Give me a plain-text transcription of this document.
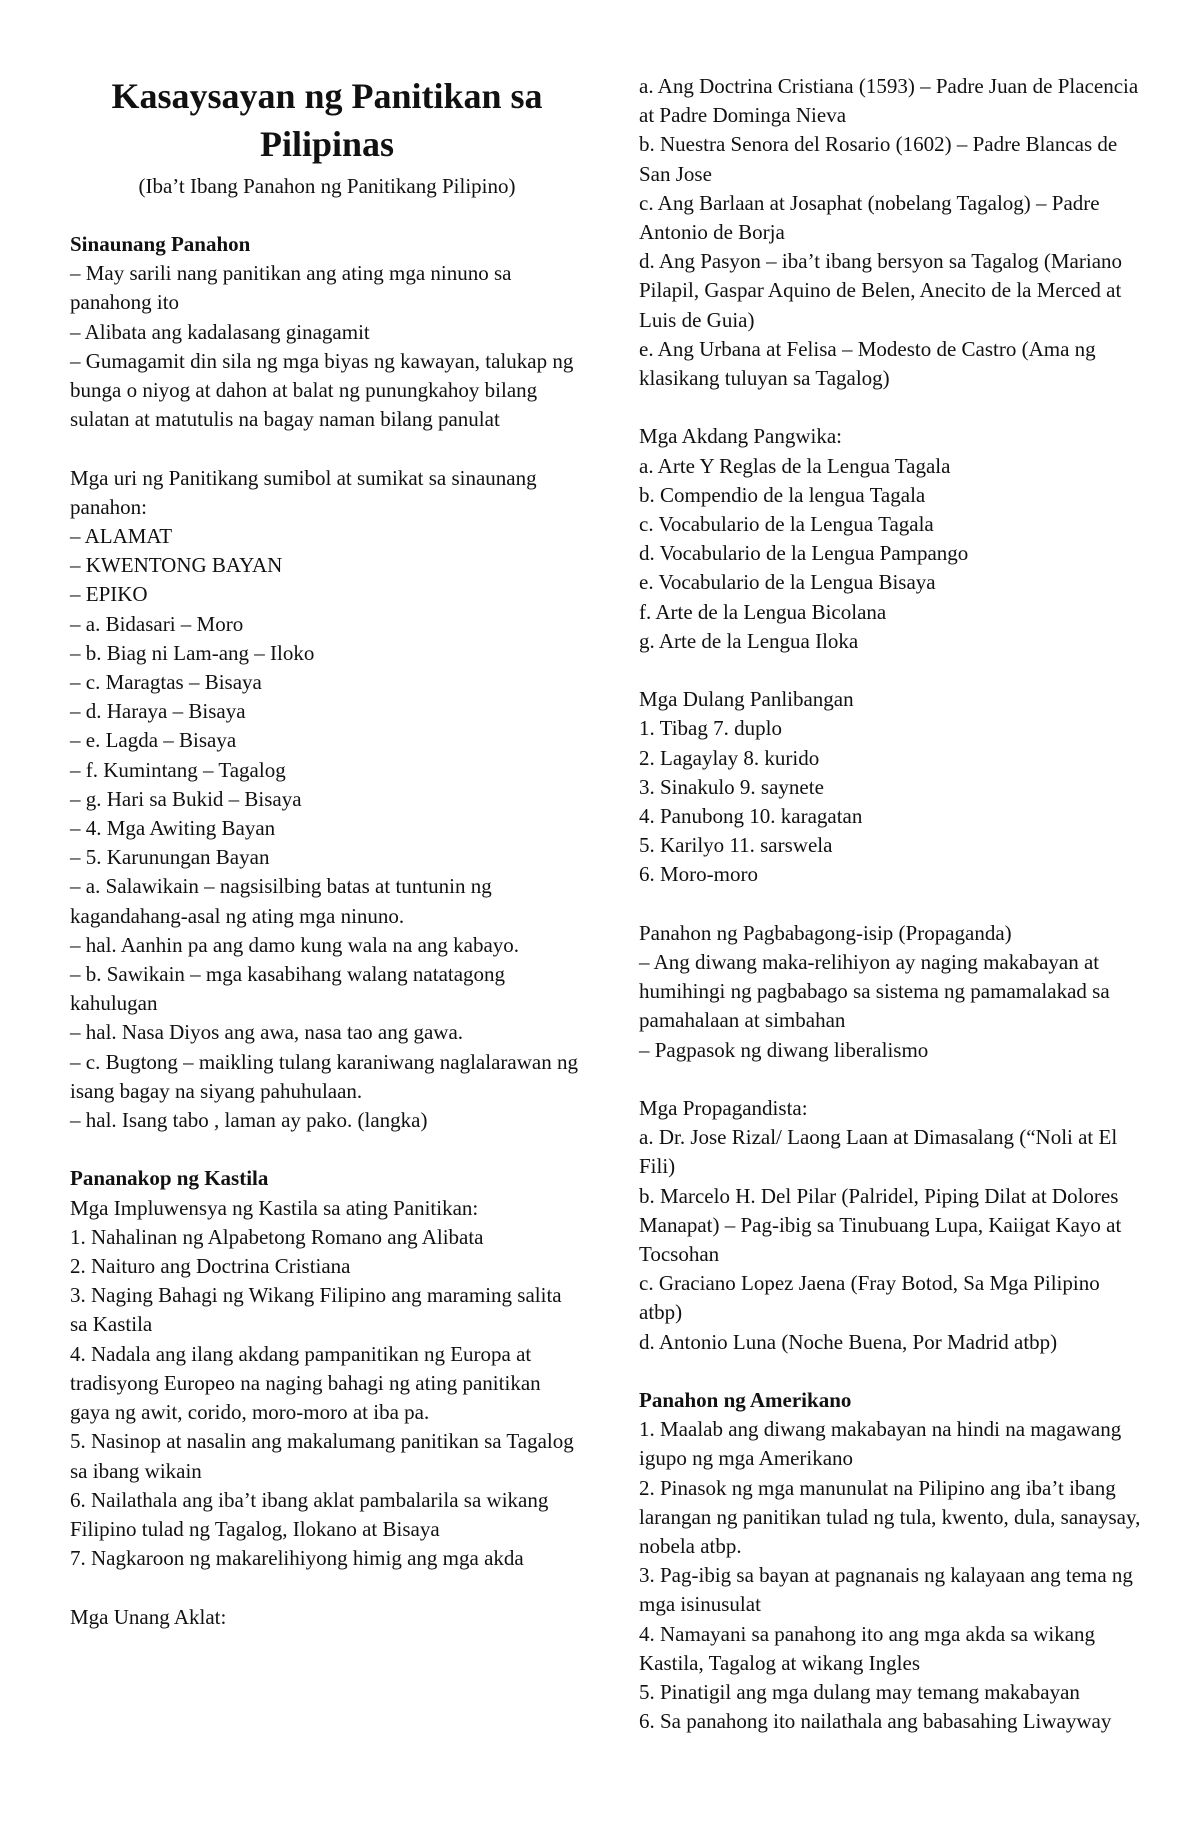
Kasaysayan ng Panitikan sa Pilipinas
(Iba’t Ibang Panahon ng Panitikang Pilipino)
Sinaunang Panahon
– May sarili nang panitikan ang ating mga ninuno sa panahong ito
– Alibata ang kadalasang ginagamit
– Gumagamit din sila ng mga biyas ng kawayan, talukap ng bunga o niyog at dahon at balat ng punungkahoy bilang sulatan at matutulis na bagay naman bilang panulat
Mga uri ng Panitikang sumibol at sumikat sa sinaunang panahon:
– ALAMAT
– KWENTONG BAYAN
– EPIKO
– a. Bidasari – Moro
– b. Biag ni Lam-ang – Iloko
– c. Maragtas – Bisaya
– d. Haraya – Bisaya
– e. Lagda – Bisaya
– f. Kumintang – Tagalog
– g. Hari sa Bukid – Bisaya
– 4. Mga Awiting Bayan
– 5. Karunungan Bayan
– a. Salawikain – nagsisilbing batas at tuntunin ng kagandahang-asal ng ating mga ninuno.
– hal. Aanhin pa ang damo kung wala na ang kabayo.
– b. Sawikain – mga kasabihang walang natatagong kahulugan
– hal. Nasa Diyos ang awa, nasa tao ang gawa.
– c. Bugtong – maikling tulang karaniwang naglalarawan ng isang bagay na siyang pahuhulaan.
– hal. Isang tabo , laman ay pako. (langka)
Pananakop ng Kastila
Mga Impluwensya ng Kastila sa ating Panitikan:
1. Nahalinan ng Alpabetong Romano ang Alibata
2. Naituro ang Doctrina Cristiana
3. Naging Bahagi ng Wikang Filipino ang maraming salita sa Kastila
4. Nadala ang ilang akdang pampanitikan ng Europa at tradisyong Europeo na naging bahagi ng ating panitikan gaya ng awit, corido, moro-moro at iba pa.
5. Nasinop at nasalin ang makalumang panitikan sa Tagalog sa ibang wikain
6. Nailathala ang iba’t ibang aklat pambalarila sa wikang Filipino tulad ng Tagalog, Ilokano at Bisaya
7. Nagkaroon ng makarelihiyong himig ang mga akda
Mga Unang Aklat:
a. Ang Doctrina Cristiana (1593) – Padre Juan de Placencia at Padre Dominga Nieva
b. Nuestra Senora del Rosario (1602) – Padre Blancas de San Jose
c. Ang Barlaan at Josaphat (nobelang Tagalog) – Padre Antonio de Borja
d. Ang Pasyon – iba’t ibang bersyon sa Tagalog (Mariano Pilapil, Gaspar Aquino de Belen, Anecito de la Merced at Luis de Guia)
e. Ang Urbana at Felisa – Modesto de Castro (Ama ng klasikang tuluyan sa Tagalog)
Mga Akdang Pangwika:
a. Arte Y Reglas de la Lengua Tagala
b. Compendio de la lengua Tagala
c. Vocabulario de la Lengua Tagala
d. Vocabulario de la Lengua Pampango
e. Vocabulario de la Lengua Bisaya
f. Arte de la Lengua Bicolana
g. Arte de la Lengua Iloka
Mga Dulang Panlibangan
1. Tibag 7. duplo
2. Lagaylay 8. kurido
3. Sinakulo 9. saynete
4. Panubong 10. karagatan
5. Karilyo 11. sarswela
6. Moro-moro
Panahon ng Pagbabagong-isip (Propaganda)
– Ang diwang maka-relihiyon ay naging makabayan at humihingi ng pagbabago sa sistema ng pamamalakad sa pamahalaan at simbahan
– Pagpasok ng diwang liberalismo
Mga Propagandista:
a. Dr. Jose Rizal/ Laong Laan at Dimasalang (“Noli at El Fili)
b. Marcelo H. Del Pilar (Palridel, Piping Dilat at Dolores Manapat) – Pag-ibig sa Tinubuang Lupa, Kaiigat Kayo at Tocsohan
c. Graciano Lopez Jaena (Fray Botod, Sa Mga Pilipino atbp)
d. Antonio Luna (Noche Buena, Por Madrid atbp)
Panahon ng Amerikano
1. Maalab ang diwang makabayan na hindi na magawang igupo ng mga Amerikano
2. Pinasok ng mga manunulat na Pilipino ang iba’t ibang larangan ng panitikan tulad ng tula, kwento, dula, sanaysay, nobela atbp.
3. Pag-ibig sa bayan at pagnanais ng kalayaan ang tema ng mga isinusulat
4. Namayani sa panahong ito ang mga akda sa wikang Kastila, Tagalog at wikang Ingles
5. Pinatigil ang mga dulang may temang makabayan
6. Sa panahong ito nailathala ang babasahing Liwayway
